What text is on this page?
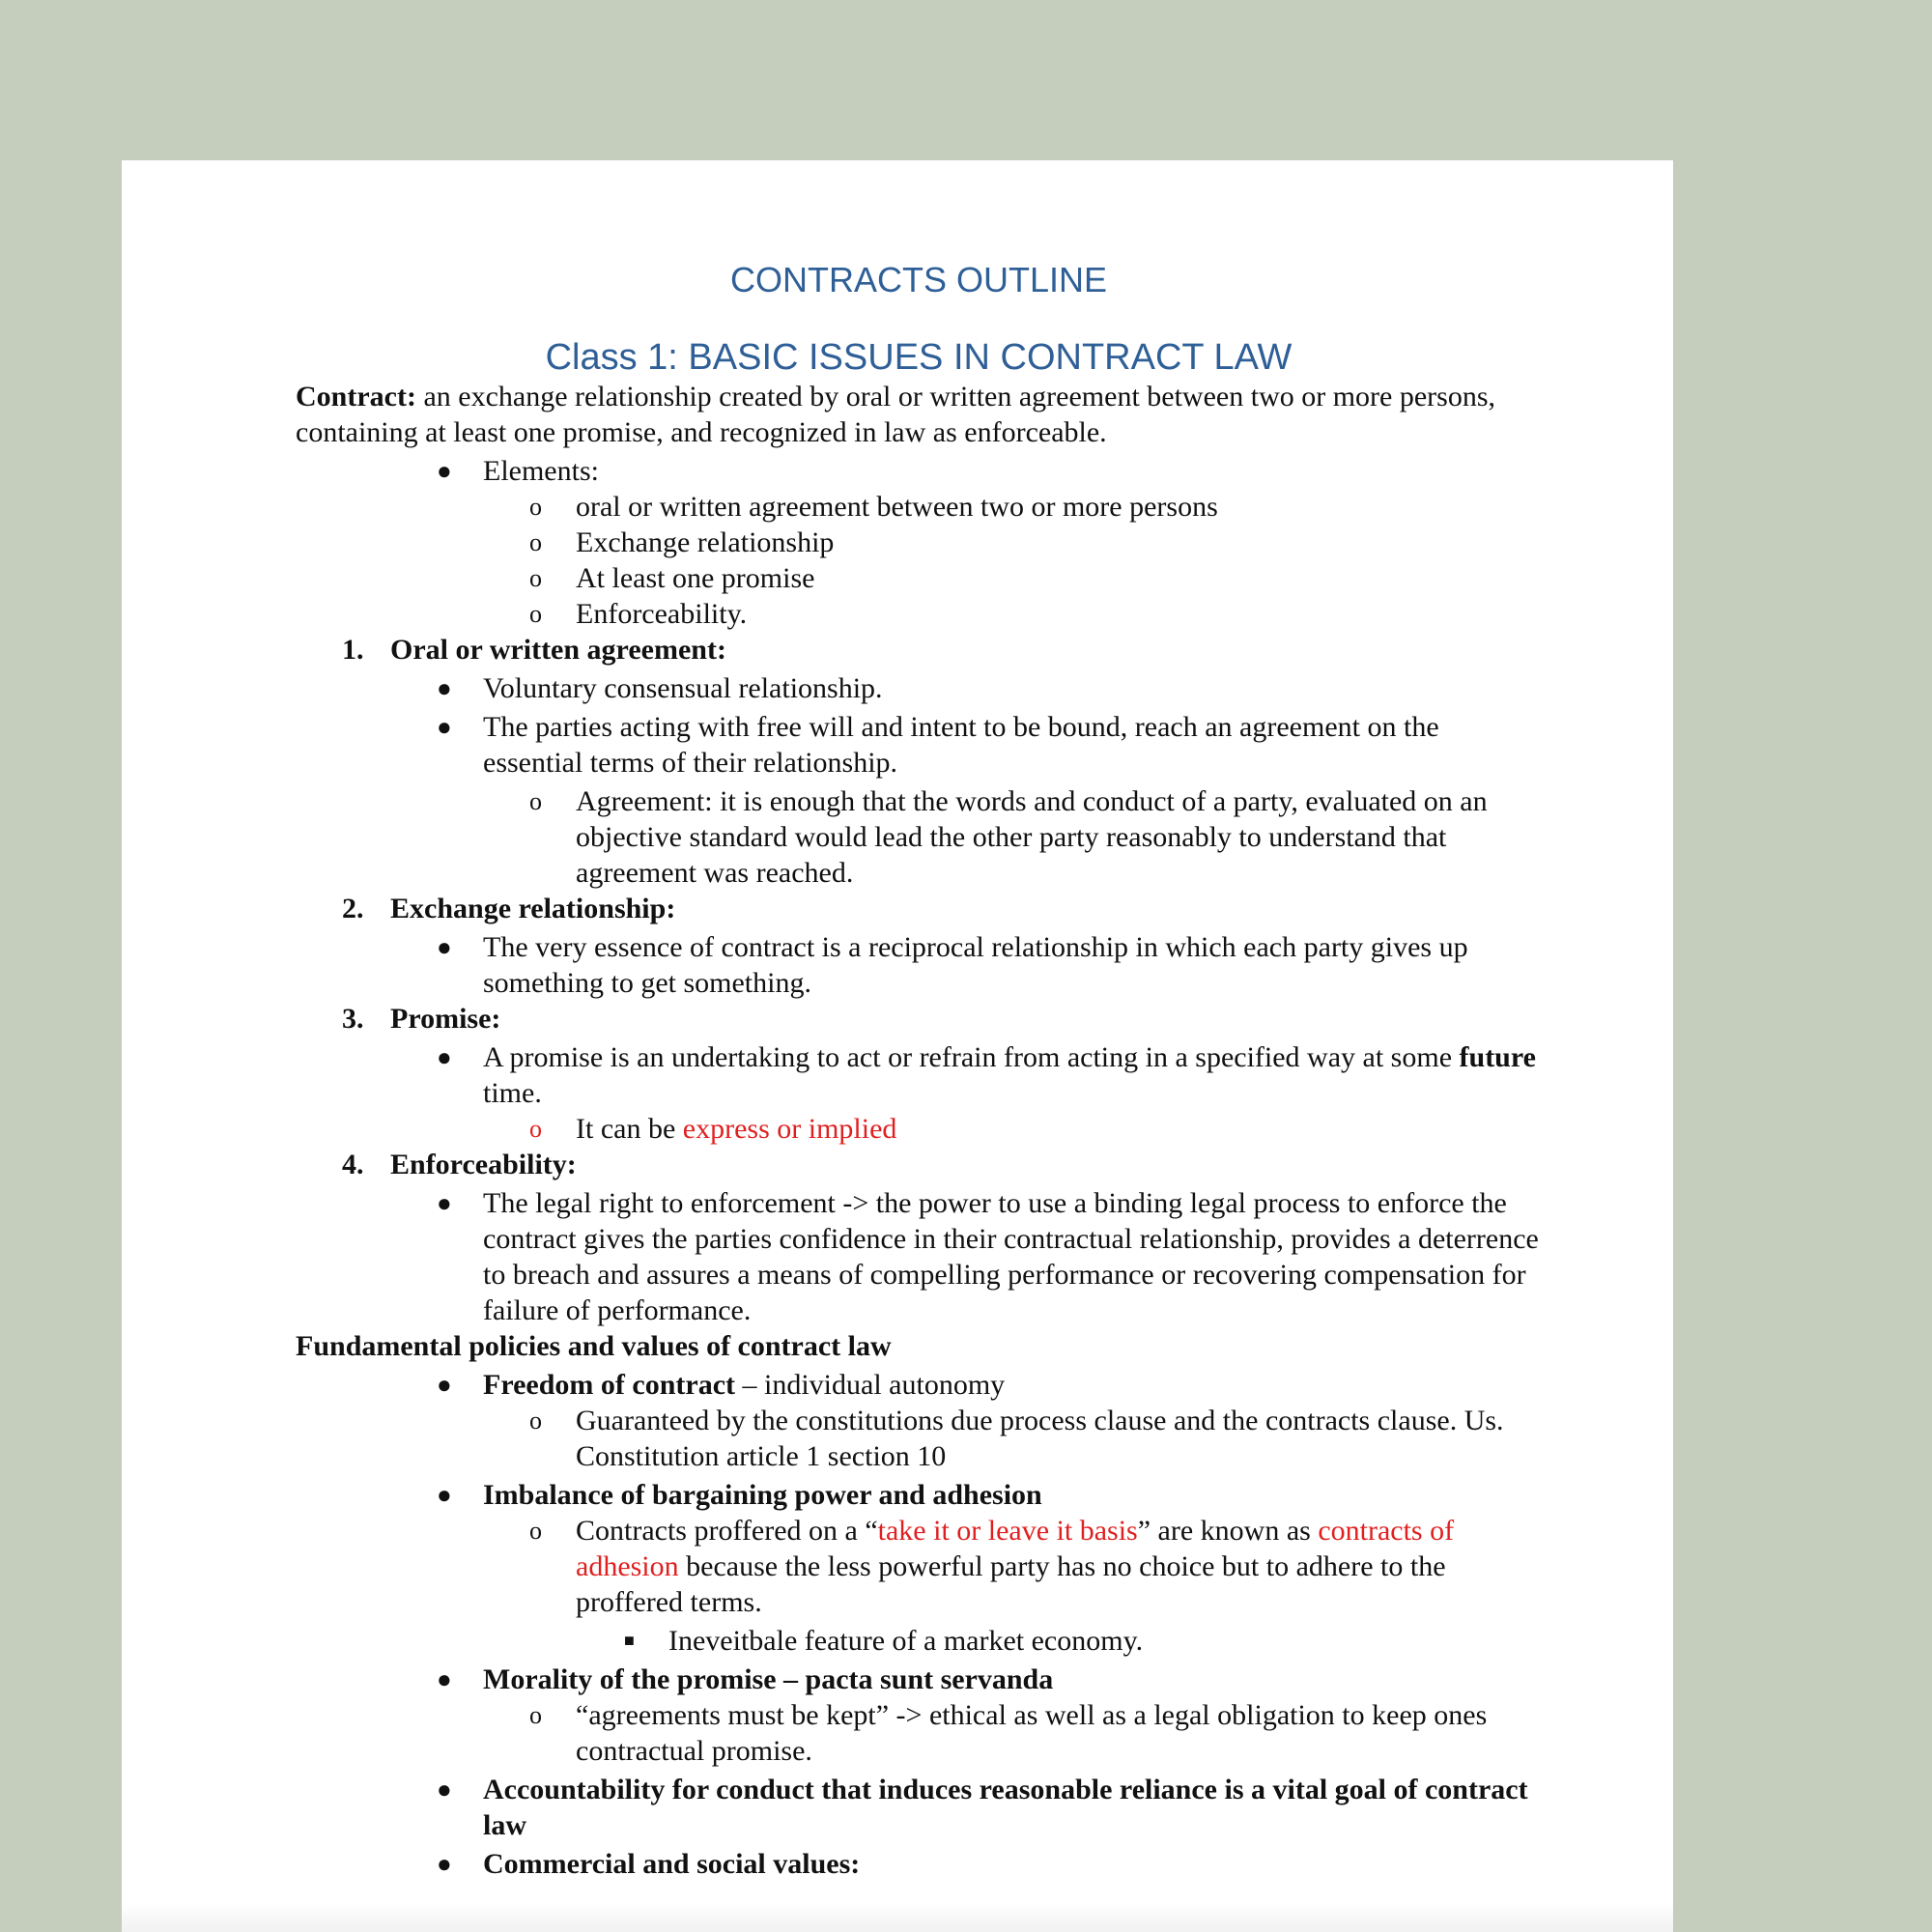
CONTRACTS OUTLINE
Class 1: BASIC ISSUES IN CONTRACT LAW

Contract: an exchange relationship created by oral or written agreement between two or more persons, containing at least one promise, and recognized in law as enforceable.

● Elements:
o oral or written agreement between two or more persons
o Exchange relationship
o At least one promise
o Enforceability.
1. Oral or written agreement:
● Voluntary consensual relationship.
● The parties acting with free will and intent to be bound, reach an agreement on the essential terms of their relationship.
o Agreement: it is enough that the words and conduct of a party, evaluated on an objective standard would lead the other party reasonably to understand that agreement was reached.
2. Exchange relationship:
● The very essence of contract is a reciprocal relationship in which each party gives up something to get something.
3. Promise:
● A promise is an undertaking to act or refrain from acting in a specified way at some future time.
o It can be express or implied
4. Enforceability:
● The legal right to enforcement -> the power to use a binding legal process to enforce the contract gives the parties confidence in their contractual relationship, provides a deterrence to breach and assures a means of compelling performance or recovering compensation for failure of performance.

Fundamental policies and values of contract law

● Freedom of contract – individual autonomy
o Guaranteed by the constitutions due process clause and the contracts clause. Us. Constitution article 1 section 10
● Imbalance of bargaining power and adhesion
o Contracts proffered on a “take it or leave it basis” are known as contracts of adhesion because the less powerful party has no choice but to adhere to the proffered terms.
■ Ineveitbale feature of a market economy.
● Morality of the promise – pacta sunt servanda
o “agreements must be kept” -> ethical as well as a legal obligation to keep ones contractual promise.
● Accountability for conduct that induces reasonable reliance is a vital goal of contract law
● Commercial and social values:
